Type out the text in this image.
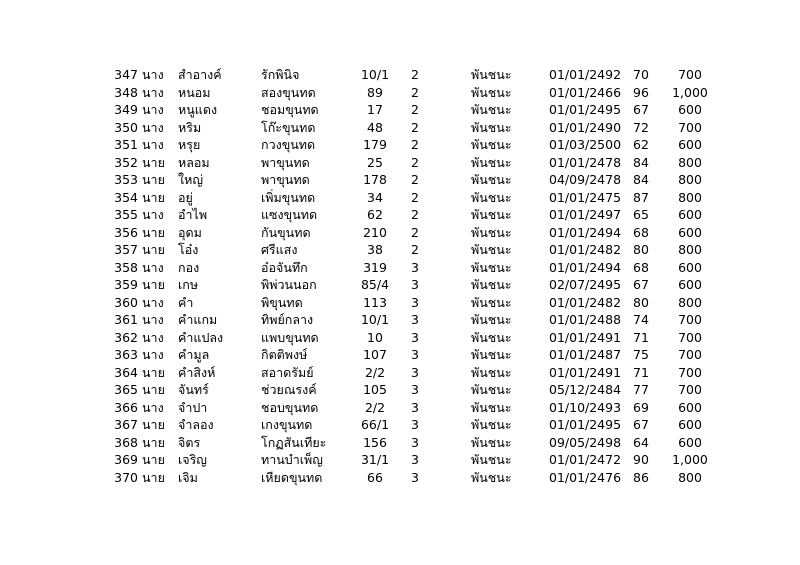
347	นาง	สำอางค์	รักพินิจ	10/1	2	พันชนะ	01/01/2492	70	700
348	นาง	หนอม	สองขุนทด	89	2	พันชนะ	01/01/2466	96	1,000
349	นาง	หนูแดง	ชอมขุนทด	17	2	พันชนะ	01/01/2495	67	600
350	นาง	หริม	โก๊ะขุนทด	48	2	พันชนะ	01/01/2490	72	700
351	นาง	หรุย	กวงขุนทด	179	2	พันชนะ	01/03/2500	62	600
352	นาย	หลอม	พาขุนทด	25	2	พันชนะ	01/01/2478	84	800
353	นาย	ใหญ่	พาขุนทด	178	2	พันชนะ	04/09/2478	84	800
354	นาย	อยู่	เพิ่มขุนทด	34	2	พันชนะ	01/01/2475	87	800
355	นาง	อำไพ	แซงขุนทด	62	2	พันชนะ	01/01/2497	65	600
356	นาย	อุดม	กันขุนทด	210	2	พันชนะ	01/01/2494	68	600
357	นาย	โอ๋ง	ศรีแสง	38	2	พันชนะ	01/01/2482	80	800
358	นาง	กอง	อ๋อจันทึก	319	3	พันชนะ	01/01/2494	68	600
359	นาย	เกษ	พิพ่วนนอก	85/4	3	พันชนะ	02/07/2495	67	600
360	นาง	คำ	พิขุนทด	113	3	พันชนะ	01/01/2482	80	800
361	นาง	คำแกม	ทิพย์กลาง	10/1	3	พันชนะ	01/01/2488	74	700
362	นาง	คำแปลง	แพบขุนทด	10	3	พันชนะ	01/01/2491	71	700
363	นาง	คำมูล	กิตติพงษ์	107	3	พันชนะ	01/01/2487	75	700
364	นาย	คำสิงห์	สอาดรัมย์	2/2	3	พันชนะ	01/01/2491	71	700
365	นาย	จันทร์	ช่วยณรงค์	105	3	พันชนะ	05/12/2484	77	700
366	นาง	จำปา	ชอบขุนทด	2/2	3	พันชนะ	01/10/2493	69	600
367	นาย	จำลอง	เกงขุนทด	66/1	3	พันชนะ	01/01/2495	67	600
368	นาย	จิตร	โกฏสันเทียะ	156	3	พันชนะ	09/05/2498	64	600
369	นาย	เจริญ	ทานบำเพ็ญ	31/1	3	พันชนะ	01/01/2472	90	1,000
370	นาย	เจิม	เหียดขุนทด	66	3	พันชนะ	01/01/2476	86	800
